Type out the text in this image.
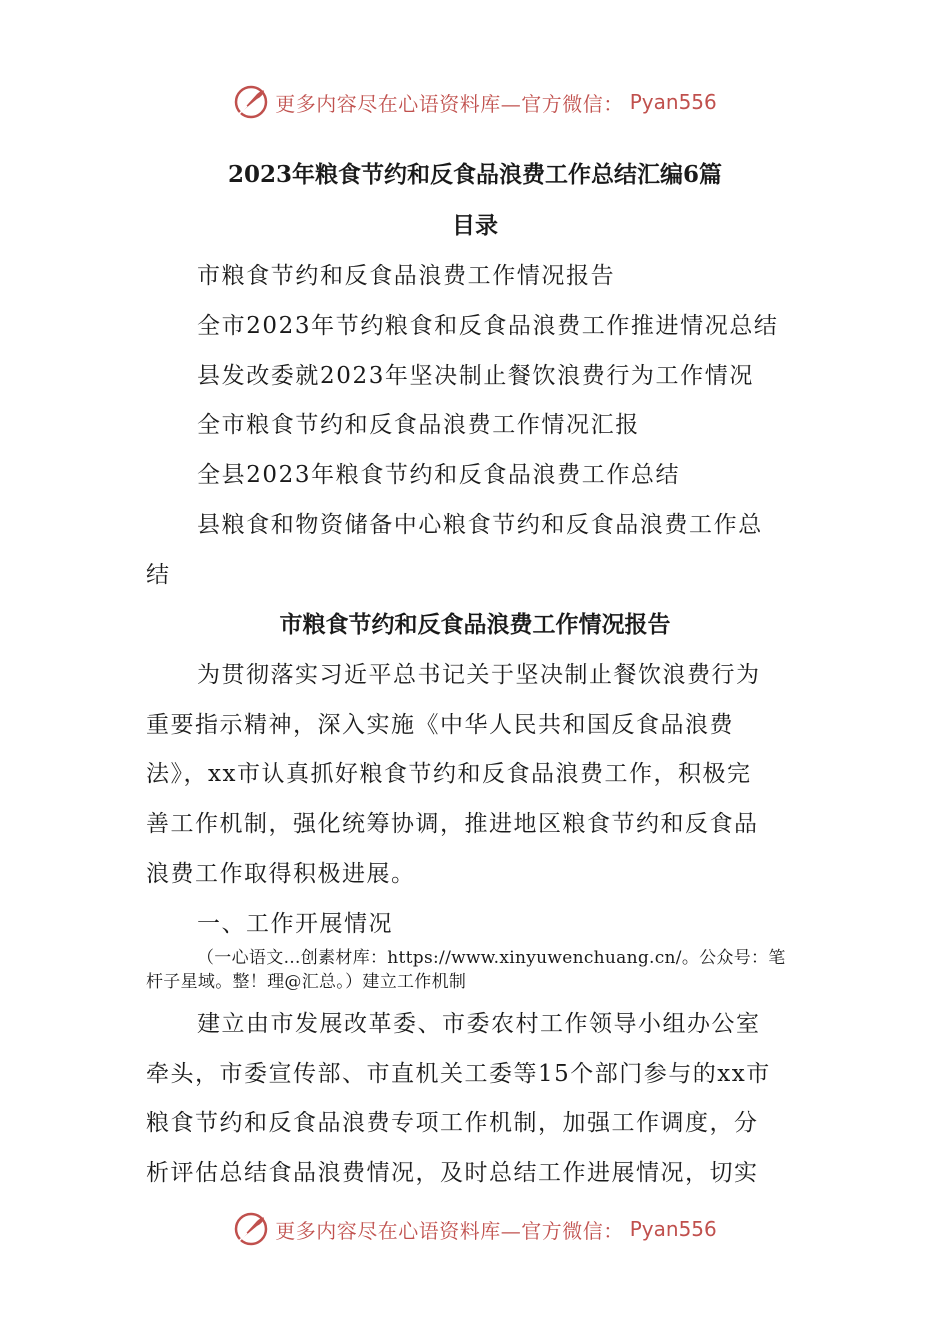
更多内容尽在心语资料库—官方微信： Pyan556
2023年粮食节约和反食品浪费工作总结汇编6篇
目录
市粮食节约和反食品浪费工作情况报告
全市2023年节约粮食和反食品浪费工作推进情况总结
县发改委就2023年坚决制止餐饮浪费行为工作情况
全市粮食节约和反食品浪费工作情况汇报
全县2023年粮食节约和反食品浪费工作总结
县粮食和物资储备中心粮食节约和反食品浪费工作总
结
市粮食节约和反食品浪费工作情况报告
为贯彻落实习近平总书记关于坚决制止餐饮浪费行为
重要指示精神，深入实施《中华人民共和国反食品浪费
法》，xx市认真抓好粮食节约和反食品浪费工作，积极完
善工作机制，强化统筹协调，推进地区粮食节约和反食品
浪费工作取得积极进展。
一、工作开展情况
（一心语文…创素材库：https://www.xinyuwenchuang.cn/。公众号：笔
杆子星域。整！理@汇总。）建立工作机制
建立由市发展改革委、市委农村工作领导小组办公室
牵头，市委宣传部、市直机关工委等15个部门参与的xx市
粮食节约和反食品浪费专项工作机制，加强工作调度，分
析评估总结食品浪费情况，及时总结工作进展情况，切实
更多内容尽在心语资料库—官方微信： Pyan556
